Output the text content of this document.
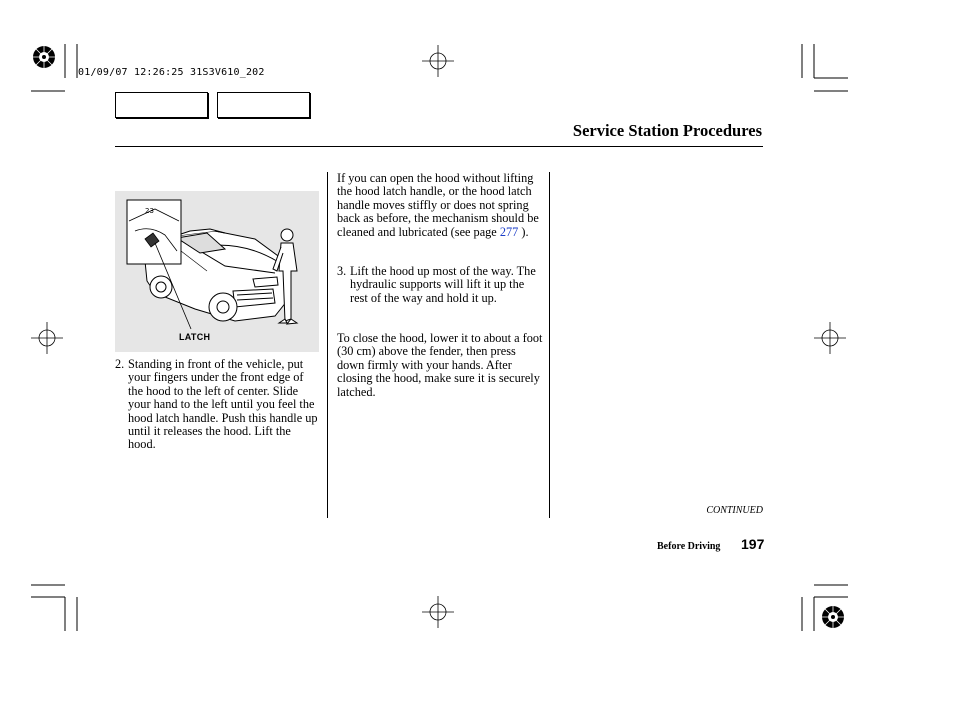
01/09/07 12:26:25 31S3V610_202
Service Station Procedures
23
LATCH
2. Standing in front of the vehicle, put your fingers under the front edge of the hood to the left of center. Slide your hand to the left until you feel the hood latch handle. Push this handle up until it releases the hood. Lift the hood.
If you can open the hood without lifting the hood latch handle, or the hood latch handle moves stiffly or does not spring back as before, the mechanism should be cleaned and lubricated (see page 277 ).
3. Lift the hood up most of the way. The hydraulic supports will lift it up the rest of the way and hold it up.
To close the hood, lower it to about a foot (30 cm) above the fender, then press down firmly with your hands. After closing the hood, make sure it is securely latched.
CONTINUED
Before Driving 197
